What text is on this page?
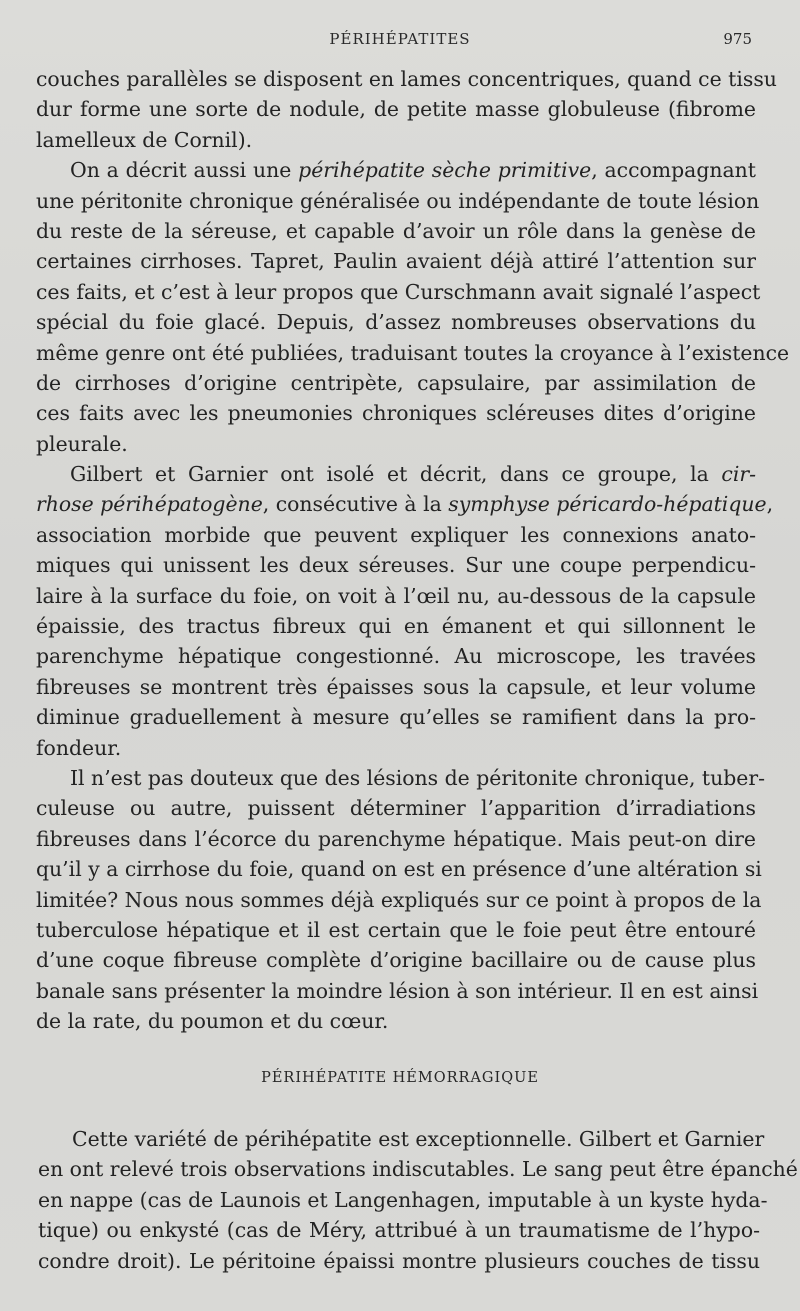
PÉRIHÉPATITES	975
couches parallèles se disposent en lames concentriques, quand ce tissu
dur forme une sorte de nodule, de petite masse globuleuse (fibrome
lamelleux de Cornil).
On a décrit aussi une périhépatite sèche primitive, accompagnant
une péritonite chronique généralisée ou indépendante de toute lésion
du reste de la séreuse, et capable d’avoir un rôle dans la genèse de
certaines cirrhoses. Tapret, Paulin avaient déjà attiré l’attention sur
ces faits, et c’est à leur propos que Curschmann avait signalé l’aspect
spécial du foie glacé. Depuis, d’assez nombreuses observations du
même genre ont été publiées, traduisant toutes la croyance à l’existence
de cirrhoses d’origine centripète, capsulaire, par assimilation de
ces faits avec les pneumonies chroniques scléreuses dites d’origine
pleurale.
Gilbert et Garnier ont isolé et décrit, dans ce groupe, la cir-
rhose périhépatogène, consécutive à la symphyse péricardo-hépatique,
association morbide que peuvent expliquer les connexions anato-
miques qui unissent les deux séreuses. Sur une coupe perpendicu-
laire à la surface du foie, on voit à l’œil nu, au-dessous de la capsule
épaissie, des tractus fibreux qui en émanent et qui sillonnent le
parenchyme hépatique congestionné. Au microscope, les travées
fibreuses se montrent très épaisses sous la capsule, et leur volume
diminue graduellement à mesure qu’elles se ramifient dans la pro-
fondeur.
Il n’est pas douteux que des lésions de péritonite chronique, tuber-
culeuse ou autre, puissent déterminer l’apparition d’irradiations
fibreuses dans l’écorce du parenchyme hépatique. Mais peut-on dire
qu’il y a cirrhose du foie, quand on est en présence d’une altération si
limitée? Nous nous sommes déjà expliqués sur ce point à propos de la
tuberculose hépatique et il est certain que le foie peut être entouré
d’une coque fibreuse complète d’origine bacillaire ou de cause plus
banale sans présenter la moindre lésion à son intérieur. Il en est ainsi
de la rate, du poumon et du cœur.
PÉRIHÉPATITE HÉMORRAGIQUE
Cette variété de périhépatite est exceptionnelle. Gilbert et Garnier
en ont relevé trois observations indiscutables. Le sang peut être épanché
en nappe (cas de Launois et Langenhagen, imputable à un kyste hyda-
tique) ou enkysté (cas de Méry, attribué à un traumatisme de l’hypo-
condre droit). Le péritoine épaissi montre plusieurs couches de tissu
